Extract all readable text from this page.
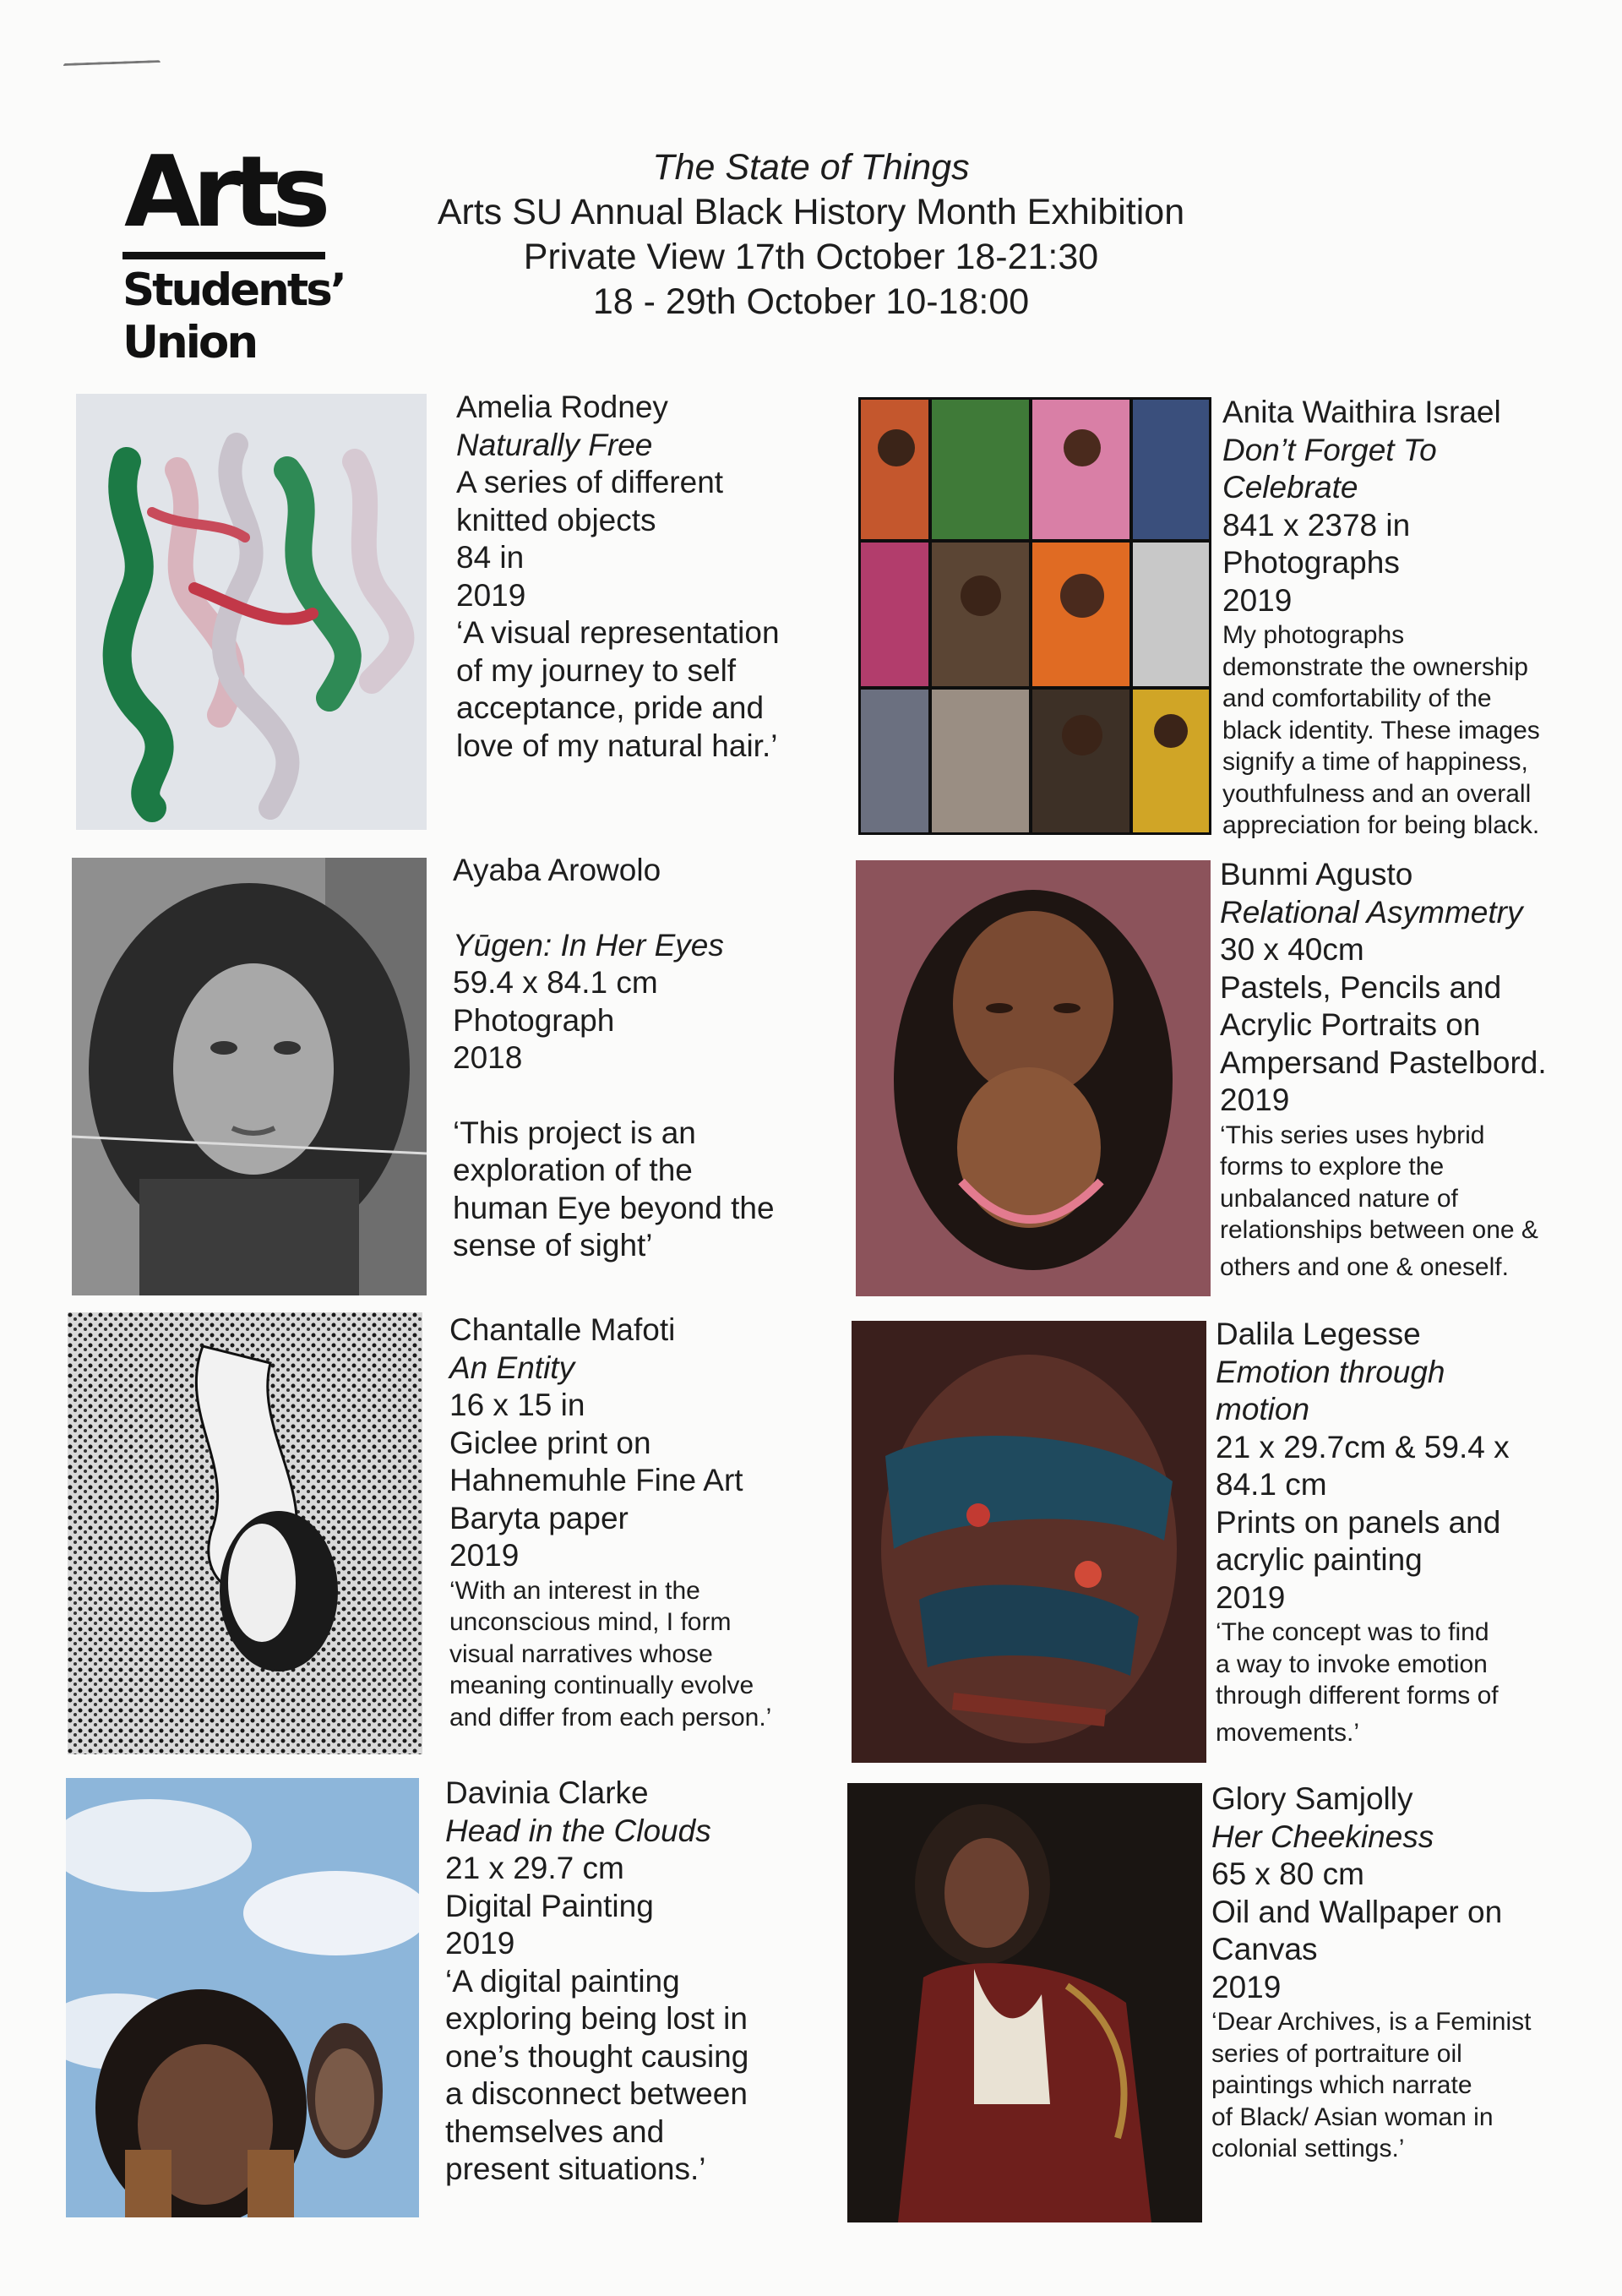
Arts
Students’
Union
The State of Things
Arts SU Annual Black History Month Exhibition
Private View 17th October 18-21:30
18 - 29th October 10-18:00
Amelia Rodney
Naturally Free
A series of different
knitted objects
84 in
2019
‘A visual representation
of my journey to self
acceptance, pride and
love of my natural hair.’
Anita Waithira Israel
Don’t Forget To
Celebrate
841 x 2378 in
Photographs
2019
My photographs
demonstrate the ownership
and comfortability of the
black identity. These images
signify a time of happiness,
youthfulness and an overall
appreciation for being black.
Ayaba Arowolo
Yūgen: In Her Eyes
59.4 x 84.1 cm
Photograph
2018
‘This project is an
exploration of the
human Eye beyond the
sense of sight’
Bunmi Agusto
Relational Asymmetry
30 x 40cm
Pastels, Pencils and
Acrylic Portraits on
Ampersand Pastelbord.
2019
‘This series uses hybrid
forms to explore the
unbalanced nature of
relationships between one &
others and one & oneself.
Chantalle Mafoti
An Entity
16 x 15 in
Giclee print on
Hahnemuhle Fine Art
Baryta paper
2019
‘With an interest in the
unconscious mind, I form
visual narratives whose
meaning continually evolve
and differ from each person.’
Dalila Legesse
Emotion through
motion
21 x 29.7cm & 59.4 x
84.1 cm
Prints on panels and
acrylic painting
2019
‘The concept was to find
a way to invoke emotion
through different forms of
movements.’
Davinia Clarke
Head in the Clouds
21 x 29.7 cm
Digital Painting
2019
‘A digital painting
exploring being lost in
one’s thought causing
a disconnect between
themselves and
present situations.’
Glory Samjolly
Her Cheekiness
65 x 80 cm
Oil and Wallpaper on
Canvas
2019
‘Dear Archives, is a Feminist
series of portraiture oil
paintings which narrate
of Black/ Asian woman in
colonial settings.’
